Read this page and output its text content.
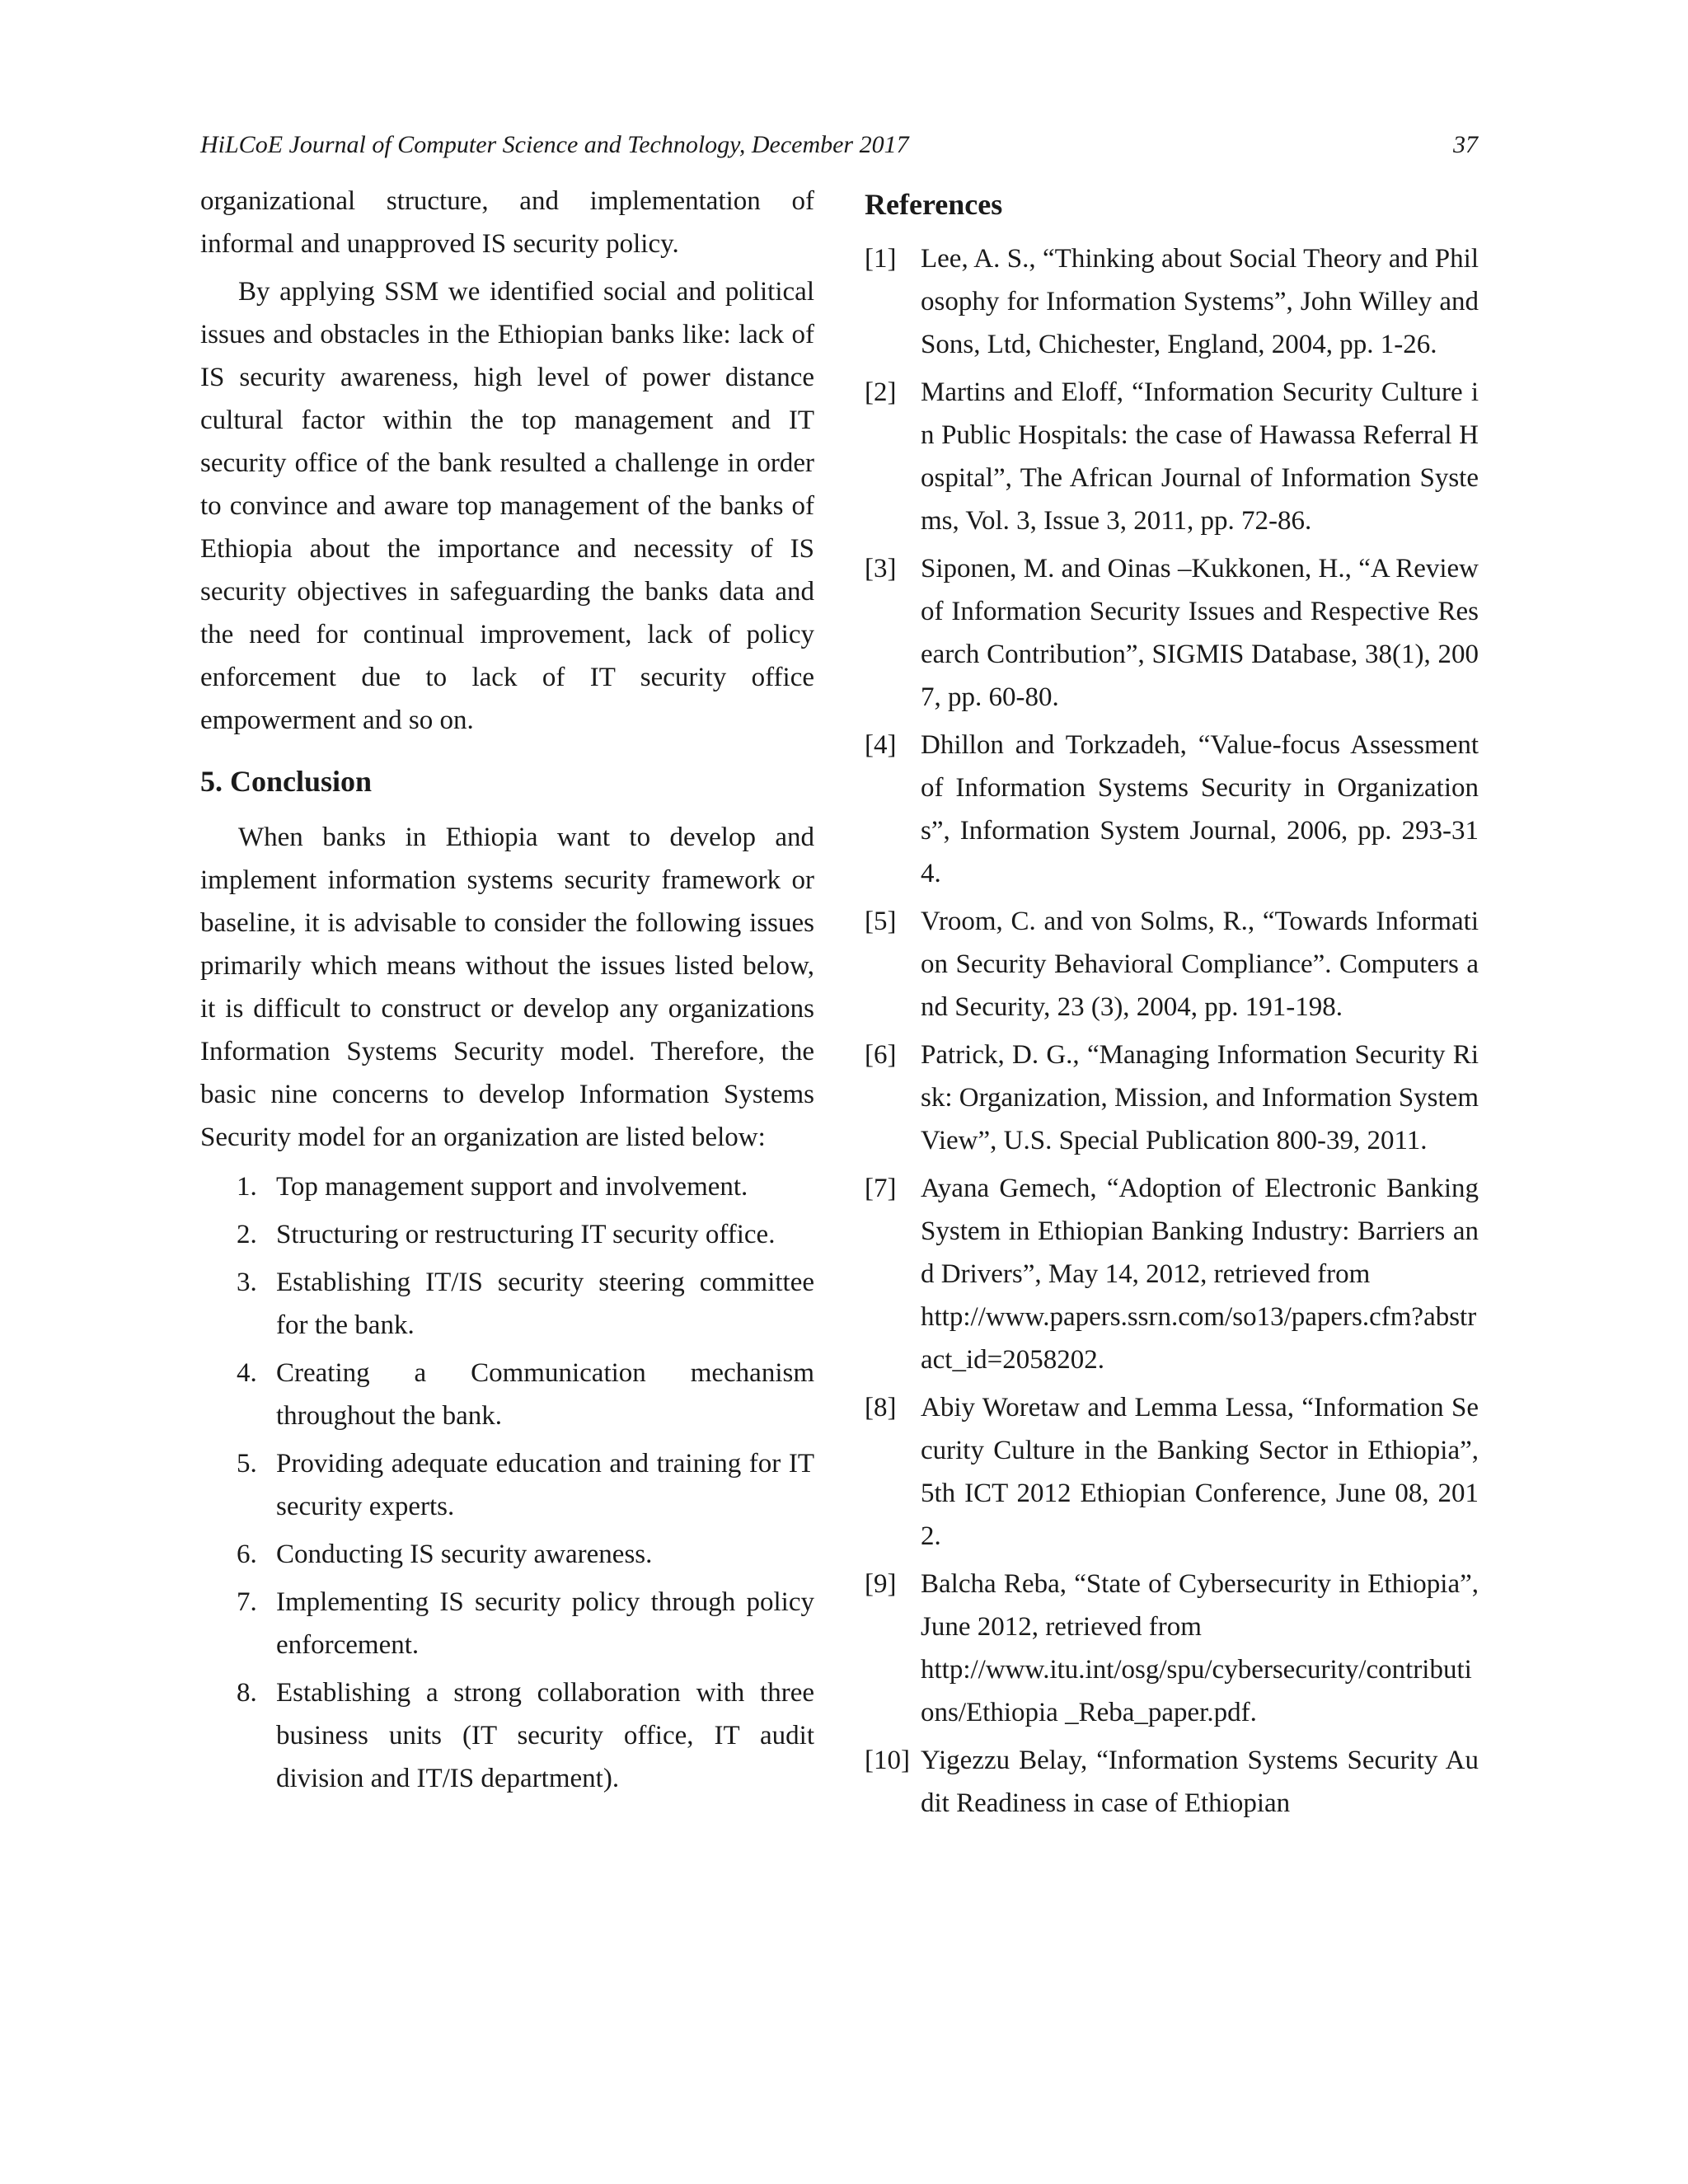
HiLCoE Journal of Computer Science and Technology, December 2017	37

organizational structure, and implementation of informal and unapproved IS security policy.

By applying SSM we identified social and political issues and obstacles in the Ethiopian banks like: lack of IS security awareness, high level of power distance cultural factor within the top management and IT security office of the bank resulted a challenge in order to convince and aware top management of the banks of Ethiopia about the importance and necessity of IS security objectives in safeguarding the banks data and the need for continual improvement, lack of policy enforcement due to lack of IT security office empowerment and so on.

5. Conclusion

When banks in Ethiopia want to develop and implement information systems security framework or baseline, it is advisable to consider the following issues primarily which means without the issues listed below, it is difficult to construct or develop any organizations Information Systems Security model. Therefore, the basic nine concerns to develop Information Systems Security model for an organization are listed below:

1. Top management support and involvement.
2. Structuring or restructuring IT security office.
3. Establishing IT/IS security steering committee for the bank.
4. Creating a Communication mechanism throughout the bank.
5. Providing adequate education and training for IT security experts.
6. Conducting IS security awareness.
7. Implementing IS security policy through policy enforcement.
8. Establishing a strong collaboration with three business units (IT security office, IT audit division and IT/IS department).
References
[1] Lee, A. S., “Thinking about Social Theory and Philosophy for Information Systems”, John Willey and Sons, Ltd, Chichester, England, 2004, pp. 1-26.
[2] Martins and Eloff, “Information Security Culture in Public Hospitals: the case of Hawassa Referral Hospital”, The African Journal of Information Systems, Vol. 3, Issue 3, 2011, pp. 72-86.
[3] Siponen, M. and Oinas –Kukkonen, H., “A Review of Information Security Issues and Respective Research Contribution”, SIGMIS Database, 38(1), 2007, pp. 60-80.
[4] Dhillon and Torkzadeh, “Value-focus Assessment of Information Systems Security in Organizations”, Information System Journal, 2006, pp. 293-314.
[5] Vroom, C. and von Solms, R., “Towards Information Security Behavioral Compliance”. Computers and Security, 23 (3), 2004, pp. 191-198.
[6] Patrick, D. G., “Managing Information Security Risk: Organization, Mission, and Information System View”, U.S. Special Publication 800-39, 2011.
[7] Ayana Gemech, “Adoption of Electronic Banking System in Ethiopian Banking Industry: Barriers and Drivers”, May 14, 2012, retrieved from
http://www.papers.ssrn.com/so13/papers.cfm?abstract_id=2058202.
[8] Abiy Woretaw and Lemma Lessa, “Information Security Culture in the Banking Sector in Ethiopia”, 5th ICT 2012 Ethiopian Conference, June 08, 2012.
[9] Balcha Reba, “State of Cybersecurity in Ethiopia”, June 2012, retrieved from
http://www.itu.int/osg/spu/cybersecurity/contributions/Ethiopia _Reba_paper.pdf.
[10] Yigezzu Belay, “Information Systems Security Audit Readiness in case of Ethiopian
